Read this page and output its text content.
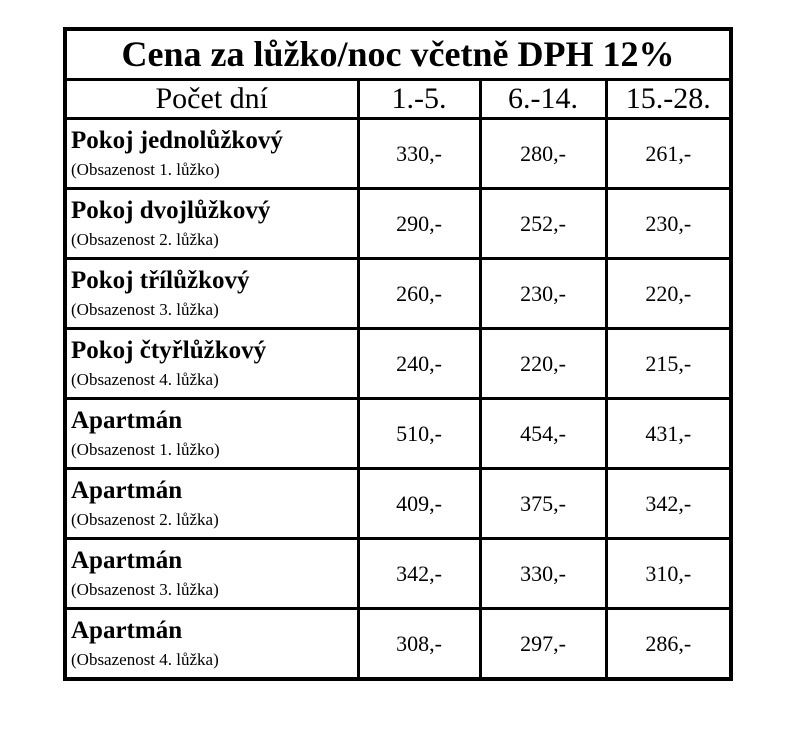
Cena za lůžko/noc včetně DPH 12%			
Počet dní	1.-5.	6.-14.	15.-28.

Pokoj jednolůžkový
(Obsazenost 1. lůžko)	330,-	280,-	261,-

Pokoj dvojlůžkový
(Obsazenost 2. lůžka)	290,-	252,-	230,-

Pokoj třílůžkový
(Obsazenost 3. lůžka)	260,-	230,-	220,-

Pokoj čtyřlůžkový
(Obsazenost 4. lůžka)	240,-	220,-	215,-

Apartmán
(Obsazenost 1. lůžko)	510,-	454,-	431,-

Apartmán
(Obsazenost 2. lůžka)	409,-	375,-	342,-

Apartmán
(Obsazenost 3. lůžka)	342,-	330,-	310,-

Apartmán
(Obsazenost 4. lůžka)	308,-	297,-	286,-
